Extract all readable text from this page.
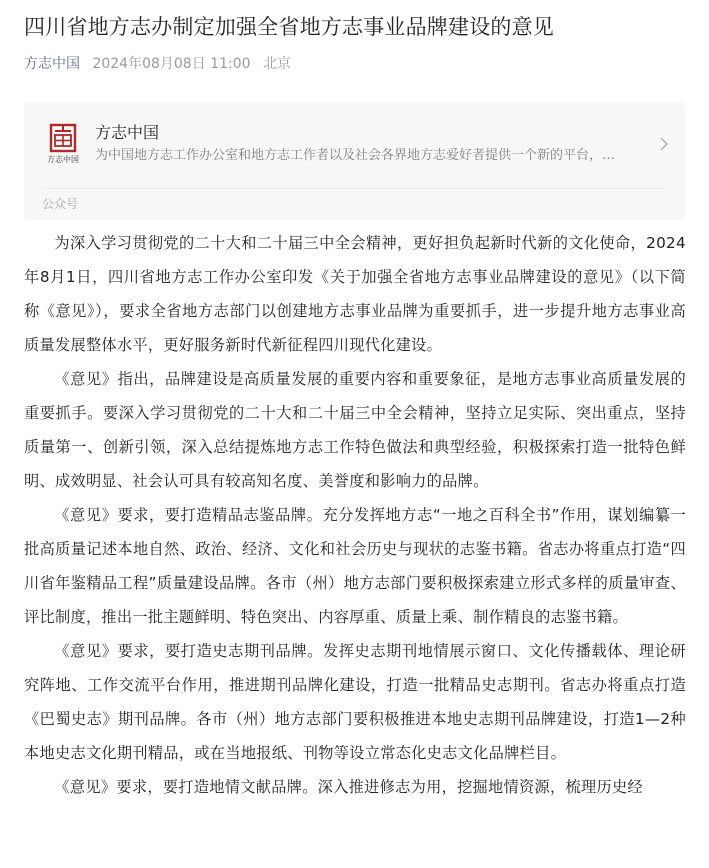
四川省地方志办制定加强全省地方志事业品牌建设的意见
方志中国 2024年08月08日 11:00 北京
方志中国
方志中国
为中国地方志工作办公室和地方志工作者以及社会各界地方志爱好者提供一个新的平台，…
公众号

为深入学习贯彻党的二十大和二十届三中全会精神，更好担负起新时代新的文化使命，2024年8月1日，四川省地方志工作办公室印发《关于加强全省地方志事业品牌建设的意见》（以下简称《意见》），要求全省地方志部门以创建地方志事业品牌为重要抓手，进一步提升地方志事业高质量发展整体水平，更好服务新时代新征程四川现代化建设。

《意见》指出，品牌建设是高质量发展的重要内容和重要象征，是地方志事业高质量发展的重要抓手。要深入学习贯彻党的二十大和二十届三中全会精神，坚持立足实际、突出重点，坚持质量第一、创新引领，深入总结提炼地方志工作特色做法和典型经验，积极探索打造一批特色鲜明、成效明显、社会认可具有较高知名度、美誉度和影响力的品牌。

《意见》要求，要打造精品志鉴品牌。充分发挥地方志“一地之百科全书”作用，谋划编纂一批高质量记述本地自然、政治、经济、文化和社会历史与现状的志鉴书籍。省志办将重点打造“四川省年鉴精品工程”质量建设品牌。各市（州）地方志部门要积极探索建立形式多样的质量审查、评比制度，推出一批主题鲜明、特色突出、内容厚重、质量上乘、制作精良的志鉴书籍。

《意见》要求，要打造史志期刊品牌。发挥史志期刊地情展示窗口、文化传播载体、理论研究阵地、工作交流平台作用，推进期刊品牌化建设，打造一批精品史志期刊。省志办将重点打造《巴蜀史志》期刊品牌。各市（州）地方志部门要积极推进本地史志期刊品牌建设，打造1—2种本地史志文化期刊精品，或在当地报纸、刊物等设立常态化史志文化品牌栏目。

《意见》要求，要打造地情文献品牌。深入推进修志为用，挖掘地情资源，梳理历史经
